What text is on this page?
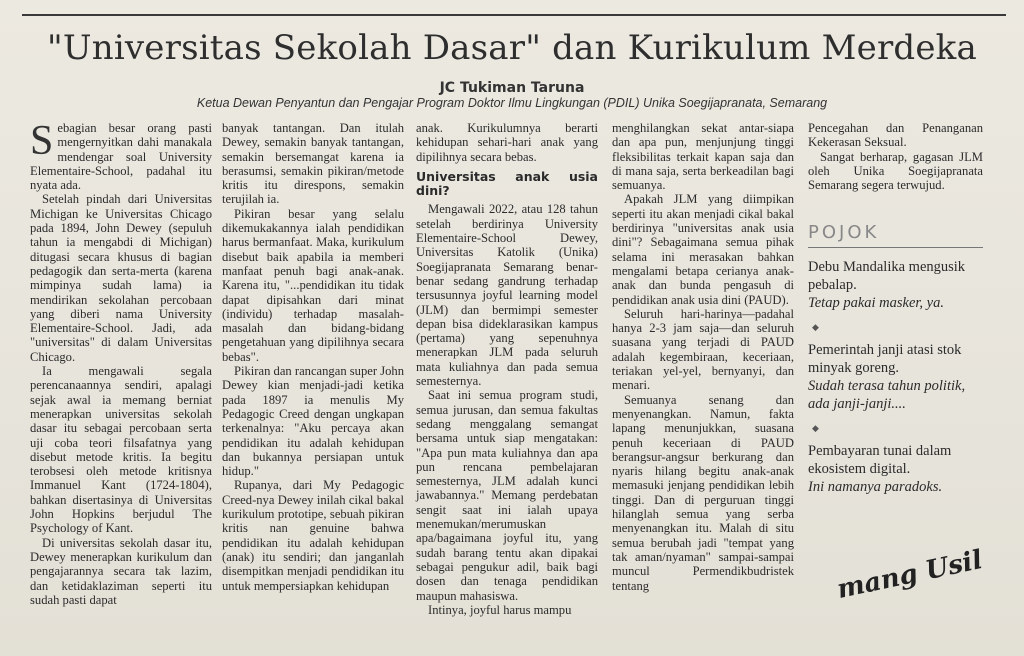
"Universitas Sekolah Dasar" dan Kurikulum Merdeka
JC Tukiman Taruna
Ketua Dewan Penyantun dan Pengajar Program Doktor Ilmu Lingkungan (PDIL) Unika Soegijapranata, Semarang

Sebagian besar orang pasti mengernyitkan dahi manakala mendengar soal University Elementaire-School, padahal itu nyata ada.

Setelah pindah dari Universitas Michigan ke Universitas Chicago pada 1894, John Dewey (sepuluh tahun ia mengabdi di Michigan) ditugasi secara khusus di bagian pedagogik dan serta-merta (karena mimpinya sudah lama) ia mendirikan sekolahan percobaan yang diberi nama University Elementaire-School. Jadi, ada "universitas" di dalam Universitas Chicago.

Ia mengawali segala perencanaannya sendiri, apalagi sejak awal ia memang berniat menerapkan universitas sekolah dasar itu sebagai percobaan serta uji coba teori filsafatnya yang disebut metode kritis. Ia begitu terobsesi oleh metode kritisnya Immanuel Kant (1724-1804), bahkan disertasinya di Universitas John Hopkins berjudul The Psychology of Kant.

Di universitas sekolah dasar itu, Dewey menerapkan kurikulum dan pengajarannya secara tak lazim, dan ketidaklaziman seperti itu sudah pasti dapat

banyak tantangan. Dan itulah Dewey, semakin banyak tantangan, semakin bersemangat karena ia berasumsi, semakin pikiran/metode kritis itu direspons, semakin terujilah ia.

Pikiran besar yang selalu dikemukakannya ialah pendidikan harus bermanfaat. Maka, kurikulum disebut baik apabila ia memberi manfaat penuh bagi anak-anak. Karena itu, "...pendidikan itu tidak dapat dipisahkan dari minat (individu) terhadap masalah-masalah dan bidang-bidang pengetahuan yang dipilihnya secara bebas".

Pikiran dan rancangan super John Dewey kian menjadi-jadi ketika pada 1897 ia menulis My Pedagogic Creed dengan ungkapan terkenalnya: "Aku percaya akan pendidikan itu adalah kehidupan dan bukannya persiapan untuk hidup."

Rupanya, dari My Pedagogic Creed-nya Dewey inilah cikal bakal kurikulum prototipe, sebuah pikiran kritis nan genuine bahwa pendidikan itu adalah kehidupan (anak) itu sendiri; dan janganlah disempitkan menjadi pendidikan itu untuk mempersiapkan kehidupan

anak. Kurikulumnya berarti kehidupan sehari-hari anak yang dipilihnya secara bebas.

Universitas anak usia dini?

Mengawali 2022, atau 128 tahun setelah berdirinya University Elementaire-School Dewey, Universitas Katolik (Unika) Soegijapranata Semarang benar-benar sedang gandrung terhadap tersusunnya joyful learning model (JLM) dan bermimpi semester depan bisa dideklarasikan kampus (pertama) yang sepenuhnya menerapkan JLM pada seluruh mata kuliahnya dan pada semua semesternya.

Saat ini semua program studi, semua jurusan, dan semua fakultas sedang menggalang semangat bersama untuk siap mengatakan: "Apa pun mata kuliahnya dan apa pun rencana pembelajaran semesternya, JLM adalah kunci jawabannya." Memang perdebatan sengit saat ini ialah upaya menemukan/merumuskan apa/bagaimana joyful itu, yang sudah barang tentu akan dipakai sebagai pengukur adil, baik bagi dosen dan tenaga pendidikan maupun mahasiswa.

Intinya, joyful harus mampu

menghilangkan sekat antar-siapa dan apa pun, menjunjung tinggi fleksibilitas terkait kapan saja dan di mana saja, serta berkeadilan bagi semuanya.

Apakah JLM yang diimpikan seperti itu akan menjadi cikal bakal berdirinya "universitas anak usia dini"? Sebagaimana semua pihak selama ini merasakan bahkan mengalami betapa cerianya anak-anak dan bunda pengasuh di pendidikan anak usia dini (PAUD).

Seluruh hari-harinya—padahal hanya 2-3 jam saja—dan seluruh suasana yang terjadi di PAUD adalah kegembiraan, keceriaan, teriakan yel-yel, bernyanyi, dan menari.

Semuanya senang dan menyenangkan. Namun, fakta lapang menunjukkan, suasana penuh keceriaan di PAUD berangsur-angsur berkurang dan nyaris hilang begitu anak-anak memasuki jenjang pendidikan lebih tinggi. Dan di perguruan tinggi hilanglah semua yang serba menyenangkan itu. Malah di situ semua berubah jadi "tempat yang tak aman/nyaman" sampai-sampai muncul Permendikbudristek tentang

Pencegahan dan Penanganan Kekerasan Seksual.

Sangat berharap, gagasan JLM oleh Unika Soegijapranata Semarang segera terwujud.

POJOK
Debu Mandalika mengusik pebalap.
Tetap pakai masker, ya.
◆
Pemerintah janji atasi stok minyak goreng.
Sudah terasa tahun politik, ada janji-janji....
◆
Pembayaran tunai dalam ekosistem digital.
Ini namanya paradoks.
mang Usil
